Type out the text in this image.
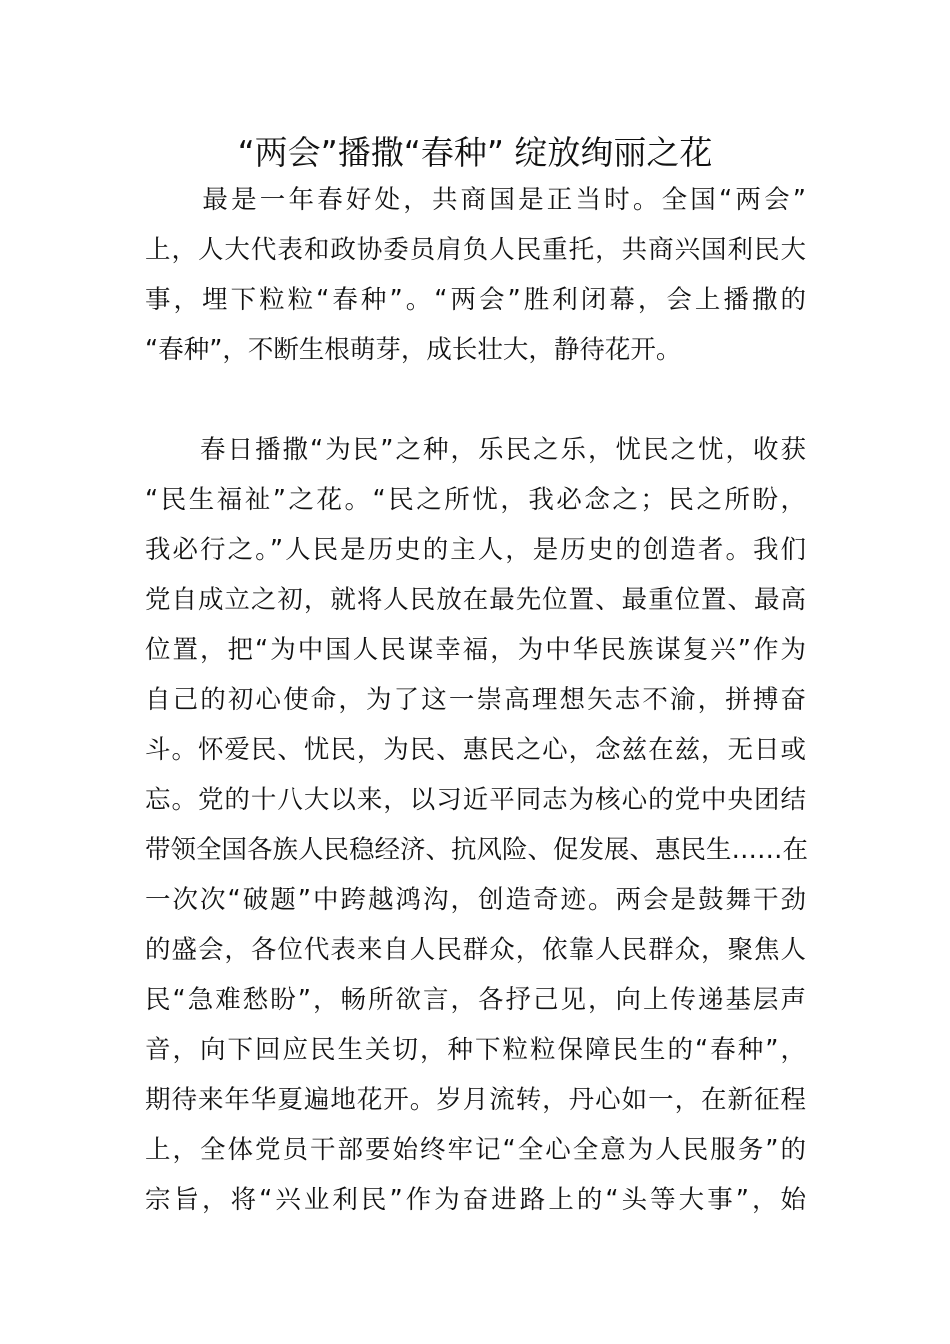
“两会”播撒“春种” 绽放绚丽之花
　　最是一年春好处，共商国是正当时。全国“两会”
上，人大代表和政协委员肩负人民重托，共商兴国利民大
事，埋下粒粒“春种”。“两会”胜利闭幕，会上播撒的
“春种”，不断生根萌芽，成长壮大，静待花开。
　　春日播撒“为民”之种，乐民之乐，忧民之忧，收获
“民生福祉”之花。“民之所忧，我必念之；民之所盼，
我必行之。”人民是历史的主人，是历史的创造者。我们
党自成立之初，就将人民放在最先位置、最重位置、最高
位置，把“为中国人民谋幸福，为中华民族谋复兴”作为
自己的初心使命，为了这一崇高理想矢志不渝，拼搏奋
斗。怀爱民、忧民，为民、惠民之心，念兹在兹，无日或
忘。党的十八大以来，以习近平同志为核心的党中央团结
带领全国各族人民稳经济、抗风险、促发展、惠民生……在
一次次“破题”中跨越鸿沟，创造奇迹。两会是鼓舞干劲
的盛会，各位代表来自人民群众，依靠人民群众，聚焦人
民“急难愁盼”，畅所欲言，各抒己见，向上传递基层声
音，向下回应民生关切，种下粒粒保障民生的“春种”，
期待来年华夏遍地花开。岁月流转，丹心如一，在新征程
上，全体党员干部要始终牢记“全心全意为人民服务”的
宗旨，将“兴业利民”作为奋进路上的“头等大事”，始
